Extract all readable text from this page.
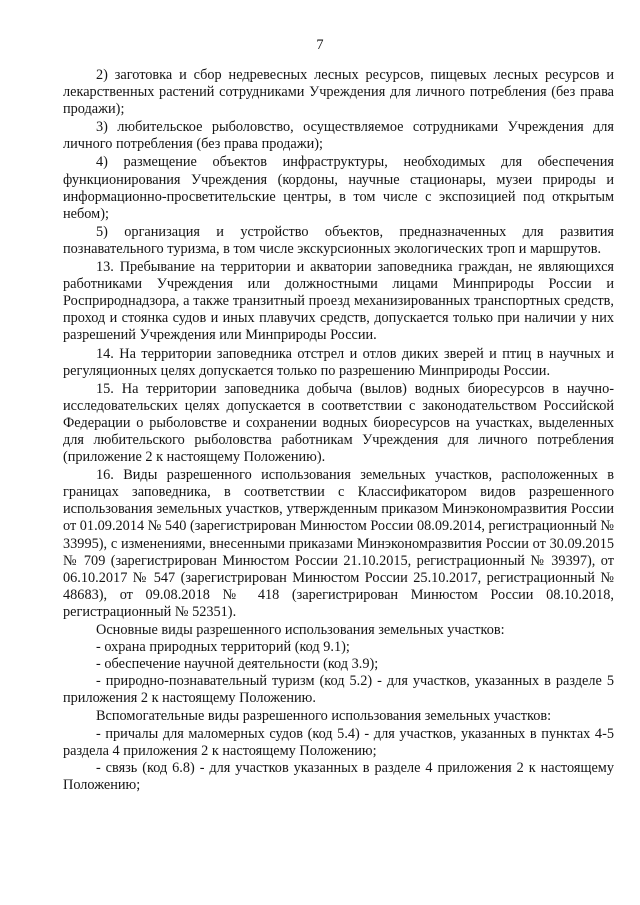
7

2) заготовка и сбор недревесных лесных ресурсов, пищевых лесных ресурсов и лекарственных растений сотрудниками Учреждения для личного потребления (без права продажи);

3) любительское рыболовство, осуществляемое сотрудниками Учреждения для личного потребления (без права продажи);

4) размещение объектов инфраструктуры, необходимых для обеспечения функционирования Учреждения (кордоны, научные стационары, музеи природы и информационно-просветительские центры, в том числе с экспозицией под открытым небом);

5) организация и устройство объектов, предназначенных для развития познавательного туризма, в том числе экскурсионных экологических троп и маршрутов.

13. Пребывание на территории и акватории заповедника граждан, не являющихся работниками Учреждения или должностными лицами Минприроды России и Росприроднадзора, а также транзитный проезд механизированных транспортных средств, проход и стоянка судов и иных плавучих средств, допускается только при наличии у них разрешений Учреждения или Минприроды России.

14. На территории заповедника отстрел и отлов диких зверей и птиц в научных и регуляционных целях допускается только по разрешению Минприроды России.

15. На территории заповедника добыча (вылов) водных биоресурсов в научно-исследовательских целях допускается в соответствии с законодательством Российской Федерации о рыболовстве и сохранении водных биоресурсов на участках, выделенных для любительского рыболовства работникам Учреждения для личного потребления (приложение 2 к настоящему Положению).

16. Виды разрешенного использования земельных участков, расположенных в границах заповедника, в соответствии с Классификатором видов разрешенного использования земельных участков, утвержденным приказом Минэкономразвития России от 01.09.2014 № 540 (зарегистрирован Минюстом России 08.09.2014, регистрационный № 33995), с изменениями, внесенными приказами Минэкономразвития России от 30.09.2015 № 709 (зарегистрирован Минюстом России 21.10.2015, регистрационный № 39397), от 06.10.2017 № 547 (зарегистрирован Минюстом России 25.10.2017, регистрационный № 48683), от 09.08.2018 № 418 (зарегистрирован Минюстом России 08.10.2018, регистрационный № 52351).

Основные виды разрешенного использования земельных участков:

- охрана природных территорий (код 9.1);

- обеспечение научной деятельности (код 3.9);

- природно-познавательный туризм (код 5.2) - для участков, указанных в разделе 5 приложения 2 к настоящему Положению.

Вспомогательные виды разрешенного использования земельных участков:

- причалы для маломерных судов (код 5.4) - для участков, указанных в пунктах 4-5 раздела 4 приложения 2 к настоящему Положению;

- связь (код 6.8) - для участков указанных в разделе 4 приложения 2 к настоящему Положению;
